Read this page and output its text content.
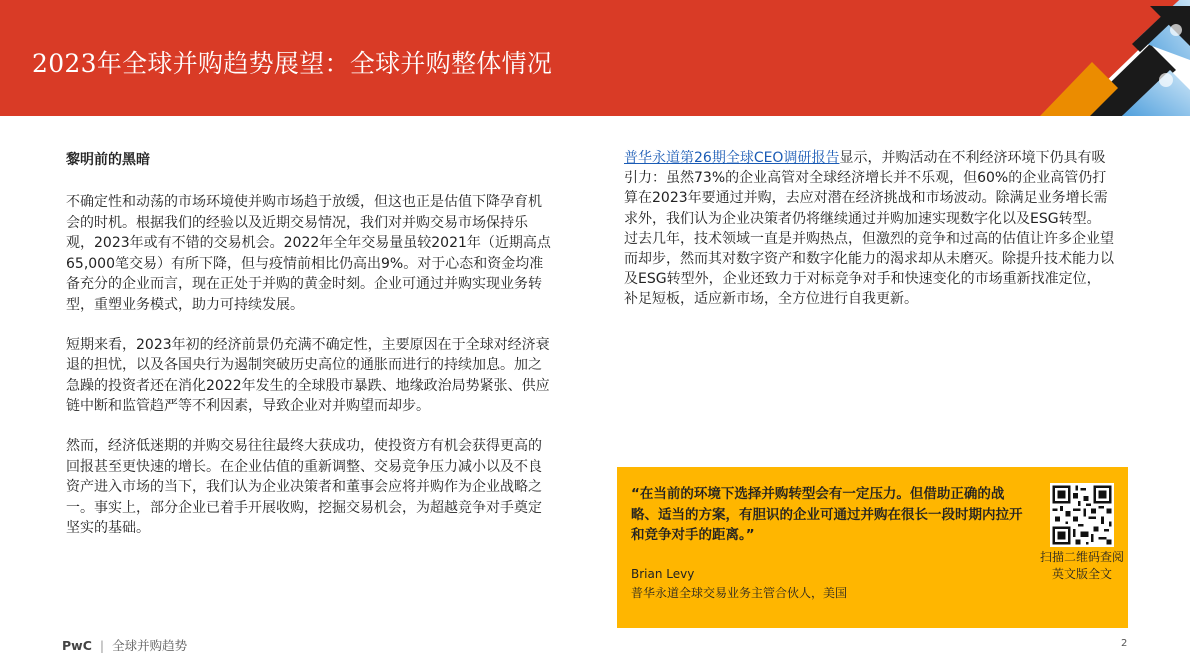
2023年全球并购趋势展望：全球并购整体情况
黎明前的黑暗

不确定性和动荡的市场环境使并购市场趋于放缓，但这也正是估值下降孕育机会的时机。根据我们的经验以及近期交易情况，我们对并购交易市场保持乐观，2023年或有不错的交易机会。2022年全年交易量虽较2021年（近期高点65,000笔交易）有所下降，但与疫情前相比仍高出9%。对于心态和资金均准备充分的企业而言，现在正处于并购的黄金时刻。企业可通过并购实现业务转型，重塑业务模式，助力可持续发展。

短期来看，2023年初的经济前景仍充满不确定性，主要原因在于全球对经济衰退的担忧，以及各国央行为遏制突破历史高位的通胀而进行的持续加息。加之急躁的投资者还在消化2022年发生的全球股市暴跌、地缘政治局势紧张、供应链中断和监管趋严等不利因素，导致企业对并购望而却步。

然而，经济低迷期的并购交易往往最终大获成功，使投资方有机会获得更高的回报甚至更快速的增长。在企业估值的重新调整、交易竞争压力减小以及不良资产进入市场的当下，我们认为企业决策者和董事会应将并购作为企业战略之一。事实上，部分企业已着手开展收购，挖掘交易机会，为超越竞争对手奠定坚实的基础。

普华永道第26期全球CEO调研报告显示，并购活动在不利经济环境下仍具有吸引力：虽然73%的企业高管对全球经济增长并不乐观，但60%的企业高管仍打算在2023年要通过并购，去应对潜在经济挑战和市场波动。除满足业务增长需求外，我们认为企业决策者仍将继续通过并购加速实现数字化以及ESG转型。过去几年，技术领域一直是并购热点，但激烈的竞争和过高的估值让许多企业望而却步，然而其对数字资产和数字化能力的渴求却从未磨灭。除提升技术能力以及ESG转型外，企业还致力于对标竞争对手和快速变化的市场重新找准定位，补足短板，适应新市场，全方位进行自我更新。

“在当前的环境下选择并购转型会有一定压力。但借助正确的战略、适当的方案，有胆识的企业可通过并购在很长一段时期内拉开和竞争对手的距离。”
Brian Levy
普华永道全球交易业务主管合伙人，美国
扫描二维码查阅英文版全文
PwC | 全球并购趋势	2
